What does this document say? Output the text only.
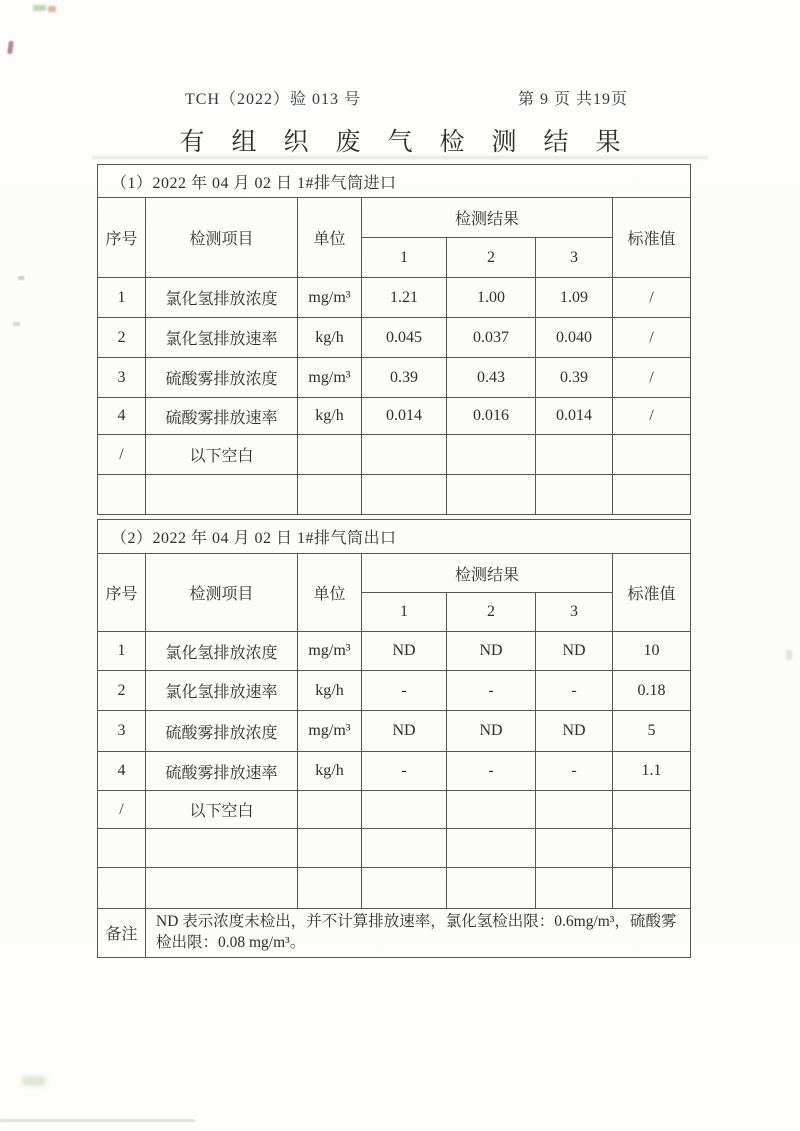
TCH（2022）验 013 号	第 9 页 共19页
有组织废气检测结果
（1）2022 年 04 月 02 日 1#排气筒进口						
序号	检测项目	单位	检测结果			标准值
			1	2	3	
1	氯化氢排放浓度	mg/m³	1.21	1.00	1.09	/
2	氯化氢排放速率	kg/h	0.045	0.037	0.040	/
3	硫酸雾排放浓度	mg/m³	0.39	0.43	0.39	/
4	硫酸雾排放速率	kg/h	0.014	0.016	0.014	/
/	以下空白					

（2）2022 年 04 月 02 日 1#排气筒出口						
序号	检测项目	单位	检测结果			标准值
			1	2	3	
1	氯化氢排放浓度	mg/m³	ND	ND	ND	10
2	氯化氢排放速率	kg/h	-	-	-	0.18
3	硫酸雾排放浓度	mg/m³	ND	ND	ND	5
4	硫酸雾排放速率	kg/h	-	-	-	1.1
/	以下空白					

备注	ND 表示浓度未检出，并不计算排放速率，氯化氢检出限：0.6mg/m³，硫酸雾检出限：0.08 mg/m³。					
